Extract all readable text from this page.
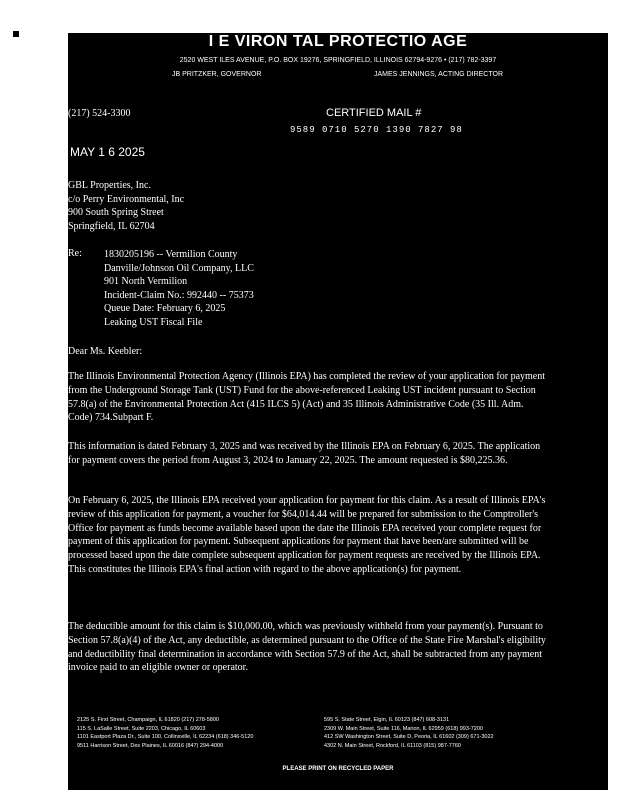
I E VIRON TAL PROTECTIO AGE
2520 WEST ILES AVENUE, P.O. BOX 19276, SPRINGFIELD, ILLINOIS 62794-9276 • (217) 782-3397
JB PRITZKER, GOVERNOR	JAMES JENNINGS, ACTING DIRECTOR
(217) 524-3300	CERTIFIED MAIL #
9589 0710 5270 1390 7827 98
MAY 1 6 2025
GBL Properties, Inc.
c/o Perry Environmental, Inc
900 South Spring Street
Springfield, IL 62704
Re: 1830205196 -- Vermilion County
Danville/Johnson Oil Company, LLC
901 North Vermilion
Incident-Claim No.: 992440 -- 75373
Queue Date: February 6, 2025
Leaking UST Fiscal File
Dear Ms. Keebler:
The Illinois Environmental Protection Agency (Illinois EPA) has completed the review of your application for payment from the Underground Storage Tank (UST) Fund for the above-referenced Leaking UST incident pursuant to Section 57.8(a) of the Environmental Protection Act (415 ILCS 5) (Act) and 35 Illinois Administrative Code (35 Ill. Adm. Code) 734.Subpart F.
This information is dated February 3, 2025 and was received by the Illinois EPA on February 6, 2025. The application for payment covers the period from August 3, 2024 to January 22, 2025. The amount requested is $80,225.36.
On February 6, 2025, the Illinois EPA received your application for payment for this claim. As a result of Illinois EPA's review of this application for payment, a voucher for $64,014.44 will be prepared for submission to the Comptroller's Office for payment as funds become available based upon the date the Illinois EPA received your complete request for payment of this application for payment. Subsequent applications for payment that have been/are submitted will be processed based upon the date complete subsequent application for payment requests are received by the Illinois EPA. This constitutes the Illinois EPA's final action with regard to the above application(s) for payment.
The deductible amount for this claim is $10,000.00, which was previously withheld from your payment(s). Pursuant to Section 57.8(a)(4) of the Act, any deductible, as determined pursuant to the Office of the State Fire Marshal's eligibility and deductibility final determination in accordance with Section 57.9 of the Act, shall be subtracted from any payment invoice paid to an eligible owner or operator.
2125 S. First Street, Champaign, IL 61820 (217) 278-5800
115 S. LaSalle Street, Suite 2203, Chicago, IL 60603
1101 Eastport Plaza Dr., Suite 100, Collinsville, IL 62234 (618) 346-5120
9511 Harrison Street, Des Plaines, IL 60016 (847) 294-4000
595 S. State Street, Elgin, IL 60123 (847) 608-3131
2309 W. Main Street, Suite 116, Marion, IL 62959 (618) 993-7200
412 SW Washington Street, Suite D, Peoria, IL 61602 (309) 671-3022
4302 N. Main Street, Rockford, IL 61103 (815) 987-7760
PLEASE PRINT ON RECYCLED PAPER
